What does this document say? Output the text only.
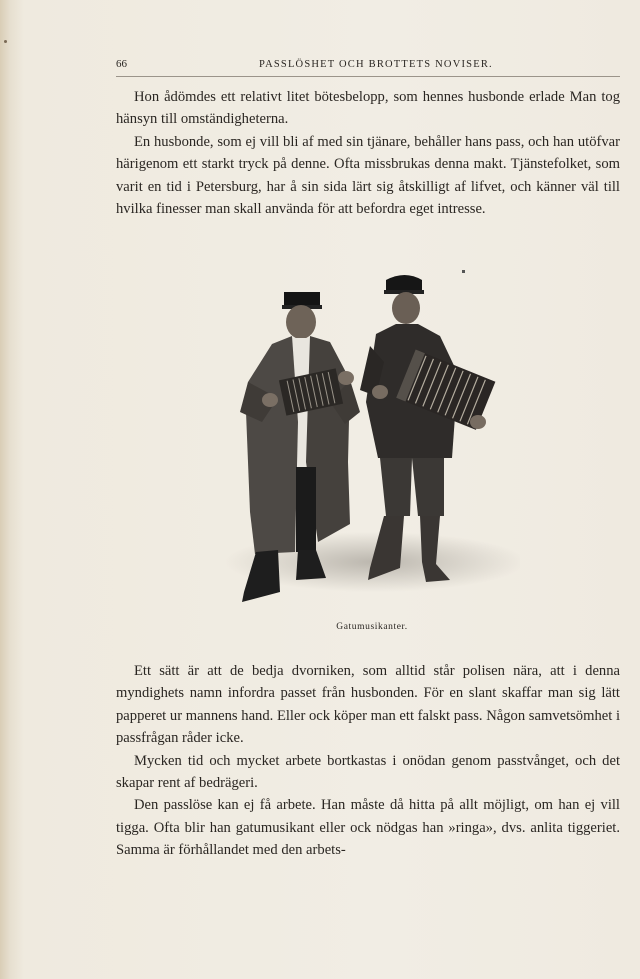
66	PASSLÖSHET OCH BROTTETS NOVISER.

Hon ådömdes ett relativt litet bötesbelopp, som hennes husbonde erlade Man tog hänsyn till omständigheterna.

En husbonde, som ej vill bli af med sin tjänare, behåller hans pass, och han utöfvar härigenom ett starkt tryck på denne. Ofta missbrukas denna makt. Tjänstefolket, som varit en tid i Petersburg, har å sin sida lärt sig åtskilligt af lifvet, och känner väl till hvilka finesser man skall använda för att befordra eget intresse.

Gatumusikanter.

Ett sätt är att de bedja dvorniken, som alltid står polisen nära, att i denna myndighets namn infordra passet från husbonden. För en slant skaffar man sig lätt papperet ur mannens hand. Eller ock köper man ett falskt pass. Någon samvetsömhet i passfrågan råder icke.

Mycken tid och mycket arbete bortkastas i onödan genom passtvånget, och det skapar rent af bedrägeri.

Den passlöse kan ej få arbete. Han måste då hitta på allt möjligt, om han ej vill tigga. Ofta blir han gatumusikant eller ock nödgas han »ringa», dvs. anlita tiggeriet. Samma är förhållandet med den arbets-
